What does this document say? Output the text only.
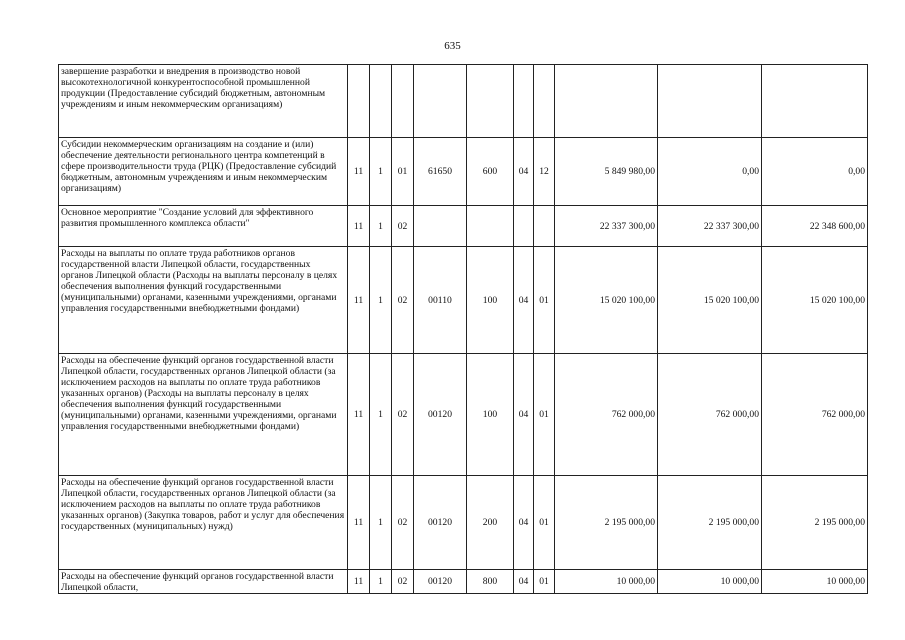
635
завершение разработки и внедрения в производство новой высокотехнологичной конкурентоспособной промышленной продукции (Предоставление субсидий бюджетным, автономным учреждениям и иным некоммерческим организациям)										
Субсидии некоммерческим организациям на создание и (или) обеспечение деятельности регионального центра компетенций в сфере производительности труда (РЦК) (Предоставление субсидий бюджетным, автономным учреждениям и иным некоммерческим организациям)	11	1	01	61650	600	04	12	5 849 980,00	0,00	0,00
Основное мероприятие "Создание условий для эффективного развития промышленного комплекса области"	11	1	02					22 337 300,00	22 337 300,00	22 348 600,00
Расходы на выплаты по оплате труда работников органов государственной власти Липецкой области, государственных органов Липецкой области (Расходы на выплаты персоналу в целях обеспечения выполнения функций государственными (муниципальными) органами, казенными учреждениями, органами управления государственными внебюджетными фондами)	11	1	02	00110	100	04	01	15 020 100,00	15 020 100,00	15 020 100,00
Расходы на обеспечение функций органов государственной власти Липецкой области, государственных органов Липецкой области (за исключением расходов на выплаты по оплате труда работников указанных органов) (Расходы на выплаты персоналу в целях обеспечения выполнения функций государственными (муниципальными) органами, казенными учреждениями, органами управления государственными внебюджетными фондами)	11	1	02	00120	100	04	01	762 000,00	762 000,00	762 000,00
Расходы на обеспечение функций органов государственной власти Липецкой области, государственных органов Липецкой области (за исключением расходов на выплаты по оплате труда работников указанных органов) (Закупка товаров, работ и услуг для обеспечения государственных (муниципальных) нужд)	11	1	02	00120	200	04	01	2 195 000,00	2 195 000,00	2 195 000,00
Расходы на обеспечение функций органов государственной власти Липецкой области,	11	1	02	00120	800	04	01	10 000,00	10 000,00	10 000,00
